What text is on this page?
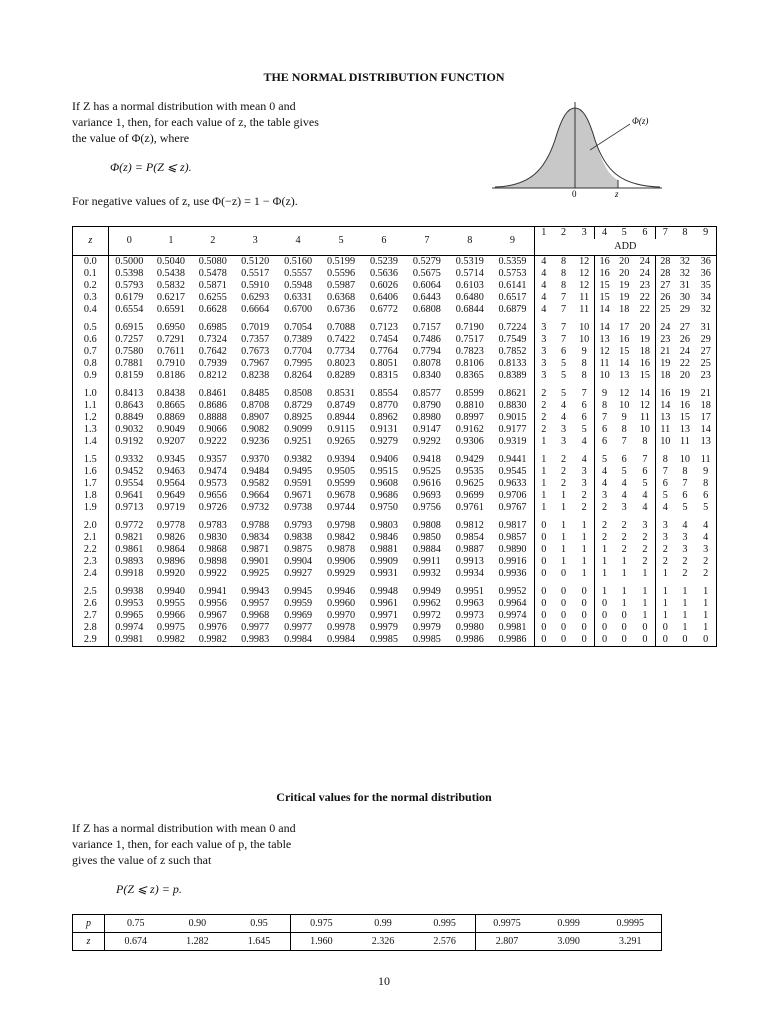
THE NORMAL DISTRIBUTION FUNCTION
If Z has a normal distribution with mean 0 and
variance 1, then, for each value of z, the table gives
the value of Φ(z), where
Φ(z) = P(Z ⩽ z).
For negative values of z, use Φ(−z) = 1 − Φ(z).
Φ(z)
0	z
z	0	1	2	3	4	5	6	7	8	9	1	2	3	4	5	6	7	8	9
											ADD								
0.0	0.5000	0.5040	0.5080	0.5120	0.5160	0.5199	0.5239	0.5279	0.5319	0.5359	4	8	12	16	20	24	28	32	36
0.1	0.5398	0.5438	0.5478	0.5517	0.5557	0.5596	0.5636	0.5675	0.5714	0.5753	4	8	12	16	20	24	28	32	36
0.2	0.5793	0.5832	0.5871	0.5910	0.5948	0.5987	0.6026	0.6064	0.6103	0.6141	4	8	12	15	19	23	27	31	35
0.3	0.6179	0.6217	0.6255	0.6293	0.6331	0.6368	0.6406	0.6443	0.6480	0.6517	4	7	11	15	19	22	26	30	34
0.4	0.6554	0.6591	0.6628	0.6664	0.6700	0.6736	0.6772	0.6808	0.6844	0.6879	4	7	11	14	18	22	25	29	32

0.5	0.6915	0.6950	0.6985	0.7019	0.7054	0.7088	0.7123	0.7157	0.7190	0.7224	3	7	10	14	17	20	24	27	31
0.6	0.7257	0.7291	0.7324	0.7357	0.7389	0.7422	0.7454	0.7486	0.7517	0.7549	3	7	10	13	16	19	23	26	29
0.7	0.7580	0.7611	0.7642	0.7673	0.7704	0.7734	0.7764	0.7794	0.7823	0.7852	3	6	9	12	15	18	21	24	27
0.8	0.7881	0.7910	0.7939	0.7967	0.7995	0.8023	0.8051	0.8078	0.8106	0.8133	3	5	8	11	14	16	19	22	25
0.9	0.8159	0.8186	0.8212	0.8238	0.8264	0.8289	0.8315	0.8340	0.8365	0.8389	3	5	8	10	13	15	18	20	23

1.0	0.8413	0.8438	0.8461	0.8485	0.8508	0.8531	0.8554	0.8577	0.8599	0.8621	2	5	7	9	12	14	16	19	21
1.1	0.8643	0.8665	0.8686	0.8708	0.8729	0.8749	0.8770	0.8790	0.8810	0.8830	2	4	6	8	10	12	14	16	18
1.2	0.8849	0.8869	0.8888	0.8907	0.8925	0.8944	0.8962	0.8980	0.8997	0.9015	2	4	6	7	9	11	13	15	17
1.3	0.9032	0.9049	0.9066	0.9082	0.9099	0.9115	0.9131	0.9147	0.9162	0.9177	2	3	5	6	8	10	11	13	14
1.4	0.9192	0.9207	0.9222	0.9236	0.9251	0.9265	0.9279	0.9292	0.9306	0.9319	1	3	4	6	7	8	10	11	13

1.5	0.9332	0.9345	0.9357	0.9370	0.9382	0.9394	0.9406	0.9418	0.9429	0.9441	1	2	4	5	6	7	8	10	11
1.6	0.9452	0.9463	0.9474	0.9484	0.9495	0.9505	0.9515	0.9525	0.9535	0.9545	1	2	3	4	5	6	7	8	9
1.7	0.9554	0.9564	0.9573	0.9582	0.9591	0.9599	0.9608	0.9616	0.9625	0.9633	1	2	3	4	4	5	6	7	8
1.8	0.9641	0.9649	0.9656	0.9664	0.9671	0.9678	0.9686	0.9693	0.9699	0.9706	1	1	2	3	4	4	5	6	6
1.9	0.9713	0.9719	0.9726	0.9732	0.9738	0.9744	0.9750	0.9756	0.9761	0.9767	1	1	2	2	3	4	4	5	5

2.0	0.9772	0.9778	0.9783	0.9788	0.9793	0.9798	0.9803	0.9808	0.9812	0.9817	0	1	1	2	2	3	3	4	4
2.1	0.9821	0.9826	0.9830	0.9834	0.9838	0.9842	0.9846	0.9850	0.9854	0.9857	0	1	1	2	2	2	3	3	4
2.2	0.9861	0.9864	0.9868	0.9871	0.9875	0.9878	0.9881	0.9884	0.9887	0.9890	0	1	1	1	2	2	2	3	3
2.3	0.9893	0.9896	0.9898	0.9901	0.9904	0.9906	0.9909	0.9911	0.9913	0.9916	0	1	1	1	1	2	2	2	2
2.4	0.9918	0.9920	0.9922	0.9925	0.9927	0.9929	0.9931	0.9932	0.9934	0.9936	0	0	1	1	1	1	1	2	2

2.5	0.9938	0.9940	0.9941	0.9943	0.9945	0.9946	0.9948	0.9949	0.9951	0.9952	0	0	0	1	1	1	1	1	1
2.6	0.9953	0.9955	0.9956	0.9957	0.9959	0.9960	0.9961	0.9962	0.9963	0.9964	0	0	0	0	1	1	1	1	1
2.7	0.9965	0.9966	0.9967	0.9968	0.9969	0.9970	0.9971	0.9972	0.9973	0.9974	0	0	0	0	0	1	1	1	1
2.8	0.9974	0.9975	0.9976	0.9977	0.9977	0.9978	0.9979	0.9979	0.9980	0.9981	0	0	0	0	0	0	0	1	1
2.9	0.9981	0.9982	0.9982	0.9983	0.9984	0.9984	0.9985	0.9985	0.9986	0.9986	0	0	0	0	0	0	0	0	0
Critical values for the normal distribution
If Z has a normal distribution with mean 0 and
variance 1, then, for each value of p, the table
gives the value of z such that
P(Z ⩽ z) = p.
p	0.75	0.90	0.95	0.975	0.99	0.995	0.9975	0.999	0.9995
z	0.674	1.282	1.645	1.960	2.326	2.576	2.807	3.090	3.291
10
